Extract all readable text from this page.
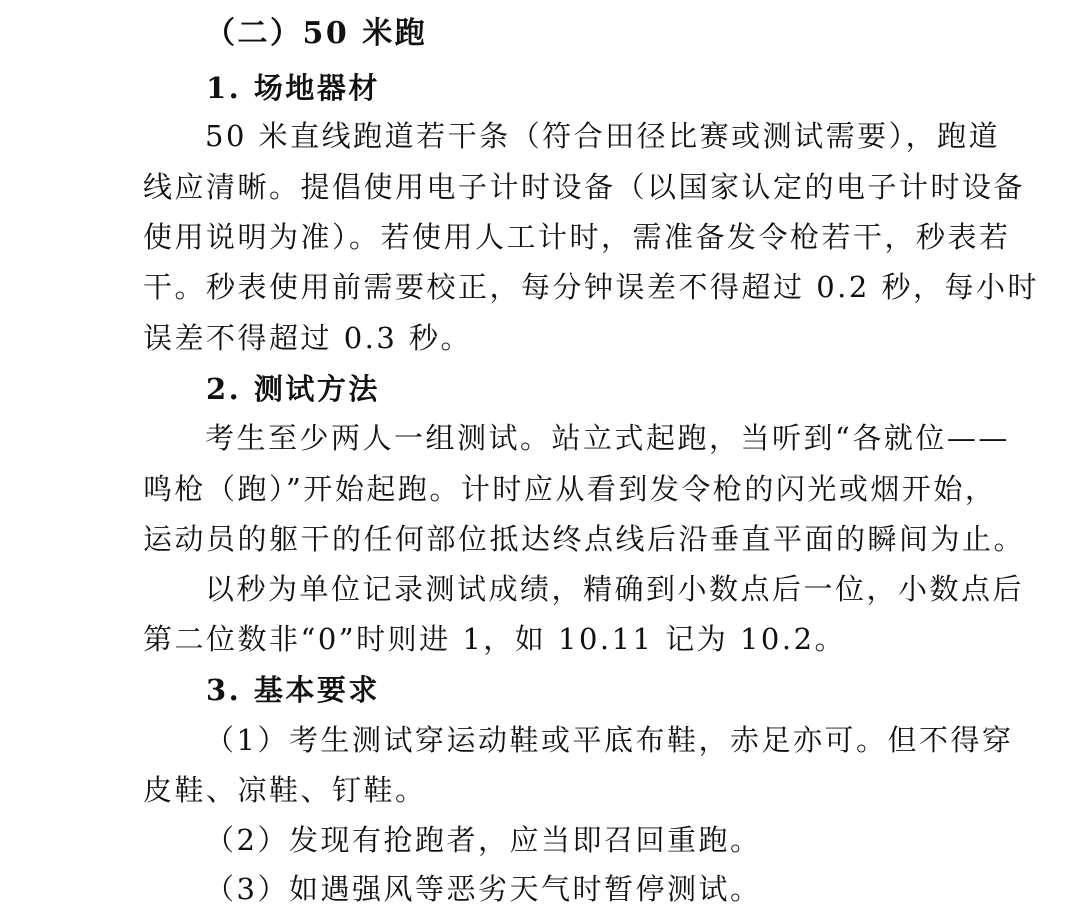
（二）50 米跑
1. 场地器材
50 米直线跑道若干条（符合田径比赛或测试需要），跑道
线应清晰。提倡使用电子计时设备（以国家认定的电子计时设备
使用说明为准）。若使用人工计时，需准备发令枪若干，秒表若
干。秒表使用前需要校正，每分钟误差不得超过 0.2 秒，每小时
误差不得超过 0.3 秒。
2. 测试方法
考生至少两人一组测试。站立式起跑，当听到“各就位——
鸣枪（跑）”开始起跑。计时应从看到发令枪的闪光或烟开始，
运动员的躯干的任何部位抵达终点线后沿垂直平面的瞬间为止。
以秒为单位记录测试成绩，精确到小数点后一位，小数点后
第二位数非“0”时则进 1，如 10.11 记为 10.2。
3. 基本要求
（1）考生测试穿运动鞋或平底布鞋，赤足亦可。但不得穿
皮鞋、凉鞋、钉鞋。
（2）发现有抢跑者，应当即召回重跑。
（3）如遇强风等恶劣天气时暂停测试。
